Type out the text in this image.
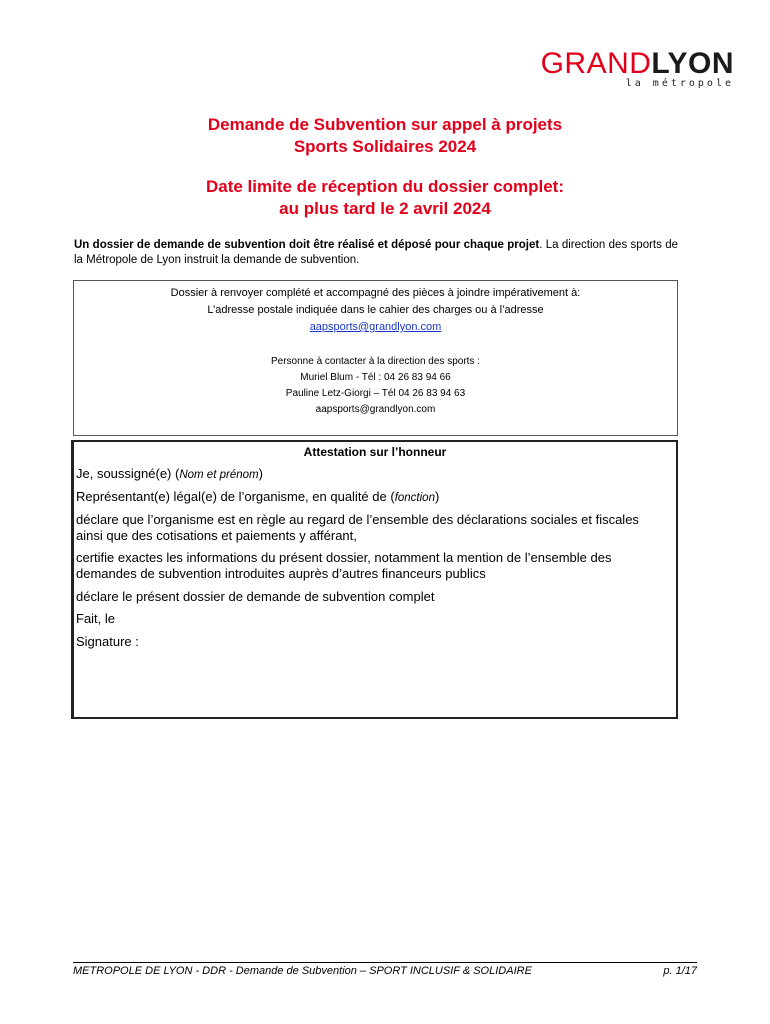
GRANDLYON
la métropole
Demande de Subvention sur appel à projets
Sports Solidaires 2024
Date limite de réception du dossier complet:
au plus tard le 2 avril 2024
Un dossier de demande de subvention doit être réalisé et déposé pour chaque projet. La direction des sports de la Métropole de Lyon instruit la demande de subvention.
Dossier à renvoyer complété et accompagné des pièces à joindre impérativement à:
L’adresse postale indiquée dans le cahier des charges ou à l’adresse
aapsports@grandlyon.com
Personne à contacter à la direction des sports :
Muriel Blum - Tél : 04 26 83 94 66
Pauline Letz-Giorgi – Tél 04 26 83 94 63
aapsports@grandlyon.com
Attestation sur l’honneur
Je, soussigné(e) (Nom et prénom)
Représentant(e) légal(e) de l’organisme, en qualité de (fonction)
déclare que l’organisme est en règle au regard de l’ensemble des déclarations sociales et fiscales ainsi que des cotisations et paiements y afférant,
certifie exactes les informations du présent dossier, notamment la mention de l’ensemble des demandes de subvention introduites auprès d’autres financeurs publics
déclare le présent dossier de demande de subvention complet
Fait, le
Signature :
METROPOLE DE LYON - DDR - Demande de Subvention – SPORT INCLUSIF & SOLIDAIRE	p. 1/17
